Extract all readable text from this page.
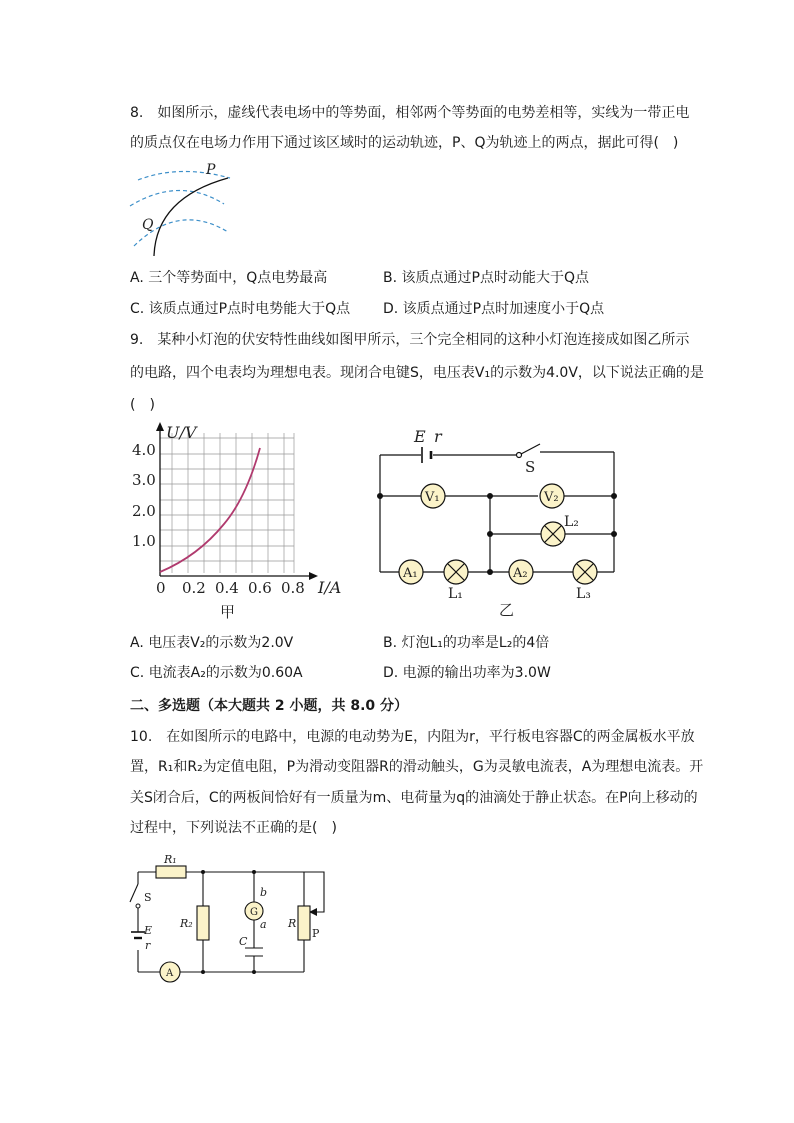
8.　如图所示，虚线代表电场中的等势面，相邻两个等势面的电势差相等，实线为一带正电
的质点仅在电场力作用下通过该区域时的运动轨迹，P、Q为轨迹上的两点，据此可得(　)
P
Q
A. 三个等势面中，Q点电势最高	B. 该质点通过P点时动能大于Q点
C. 该质点通过P点时电势能大于Q点 D. 该质点通过P点时加速度小于Q点
9.　某种小灯泡的伏安特性曲线如图甲所示，三个完全相同的这种小灯泡连接成如图乙所示
的电路，四个电表均为理想电表。现闭合电键S，电压表V₁的示数为4.0V，以下说法正确的是
(　)
U/V
4.0
3.0
2.0
1.0
0 0.2 0.4 0.6 0.8 I/A
甲
E r
S
V₁	V₂
A₁	A₂
L₁
L₂
L₃
乙
A. 电压表V₂的示数为2.0V	B. 灯泡L₁的功率是L₂的4倍
C. 电流表A₂的示数为0.60A	D. 电源的输出功率为3.0W
二、多选题（本大题共 2 小题，共 8.0 分）
10.　在如图所示的电路中，电源的电动势为E，内阻为r，平行板电容器C的两金属板水平放
置，R₁和R₂为定值电阻，P为滑动变阻器R的滑动触头，G为灵敏电流表，A为理想电流表。开
关S闭合后，C的两板间恰好有一质量为m、电荷量为q的油滴处于静止状态。在P向上移动的
过程中，下列说法不正确的是(　)
R₁
R₂	R
S
E
r
G
A
C
b
a
P
